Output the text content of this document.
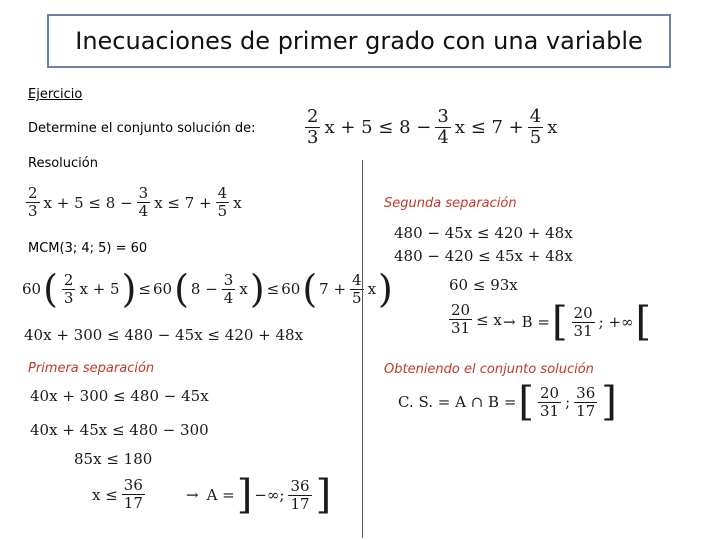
Inecuaciones de primer grado con una variable
Ejercicio
Determine el conjunto solución de:	$\frac{2}{3}$ $x + 5 \le 8 - \frac{3}{4}$ $x \le 7 + \frac{4}{5}$ x
Resolución
$\frac{2}{3}$ $x + 5 \le 8 - \frac{3}{4}$ $x \le 7 + \frac{4}{5}$ x
MCM(3; 4; 5) = 60
60 ( $\frac{2}{3}$ x + 5 ) ≤ 60 ( $8 - \frac{3}{4}$ x ) ≤ 60 ( $7 + \frac{4}{5}$ x )
40x + 300 ≤ 480 − 45x ≤ 420 + 48x
Primera separación
40x + 300 ≤ 480 − 45x
40x + 45x ≤ 480 − 300
85x ≤ 180
$x \le \frac{36}{17}$	→ A = ] −∞; $\frac{36}{17}$ ]
Segunda separación
480 − 45x ≤ 420 + 48x
480 − 420 ≤ 45x + 48x
60 ≤ 93x
$\frac{20}{31} \le x \to B$ = [ $\frac{20}{31}$ ; +∞ [
Obteniendo el conjunto solución
C. S. = A ∩ B = [ $\frac{20}{31}$ ; $\frac{36}{17}$ ]
